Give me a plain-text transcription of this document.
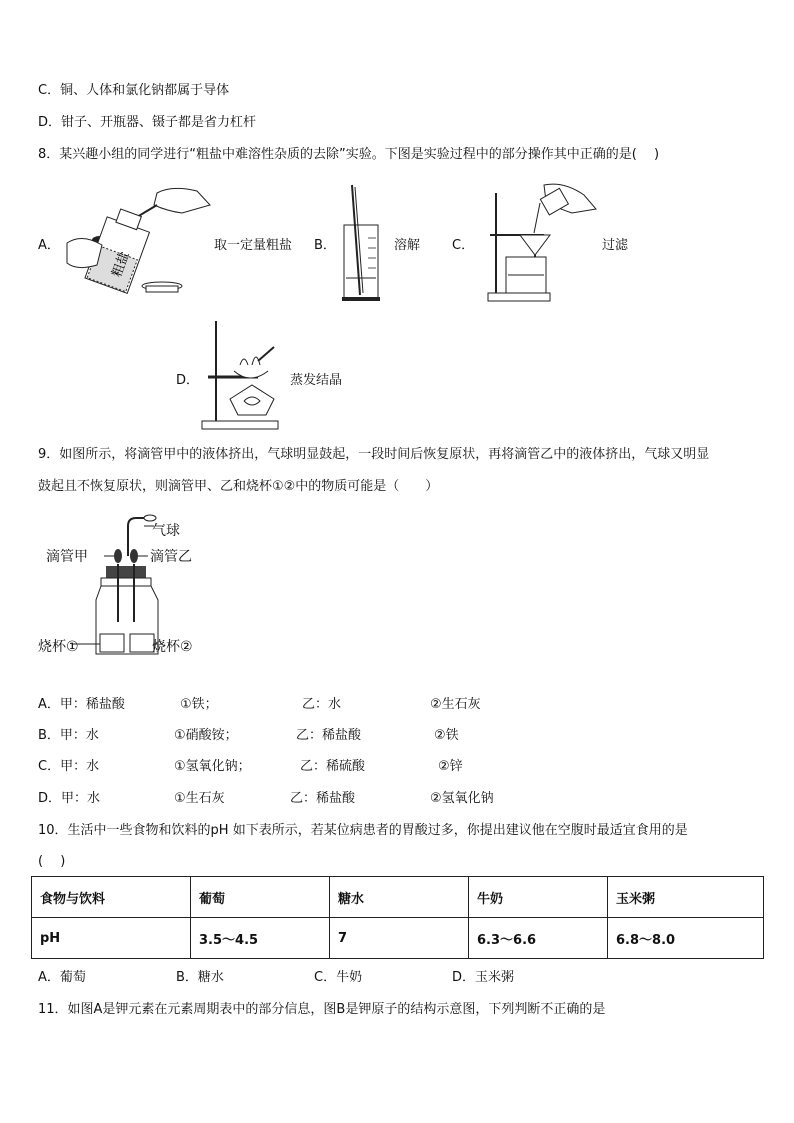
C．铜、人体和氯化钠都属于导体
D．钳子、开瓶器、镊子都是省力杠杆
8．某兴趣小组的同学进行“粗盐中难溶性杂质的去除”实验。下图是实验过程中的部分操作其中正确的是(　 )
A．
粗盐
取一定量粗盐 B．	溶解 C．	过滤
D．	蒸发结晶
9．如图所示，将滴管甲中的液体挤出，气球明显鼓起，一段时间后恢复原状，再将滴管乙中的液体挤出，气球又明显
鼓起且不恢复原状，则滴管甲、乙和烧杯①②中的物质可能是（　　）
气球
滴管甲	滴管乙
烧杯①	烧杯②
A．甲：稀盐酸	①铁；	乙：水	②生石灰
B．甲：水	①硝酸铵；	乙：稀盐酸	②铁
C．甲：水	①氢氧化钠；	乙：稀硫酸	②锌
D．甲：水	①生石灰	乙：稀盐酸	②氢氧化钠
10．生活中一些食物和饮料的pH 如下表所示，若某位病患者的胃酸过多，你提出建议他在空腹时最适宜食用的是
(　 )
食物与饮料	葡萄	糖水	牛奶	玉米粥
pH	3.5～4.5	7	6.3～6.6	6.8～8.0
A．葡萄	B．糖水	C．牛奶	D．玉米粥
11．如图A是钾元素在元素周期表中的部分信息，图B是钾原子的结构示意图，下列判断不正确的是
